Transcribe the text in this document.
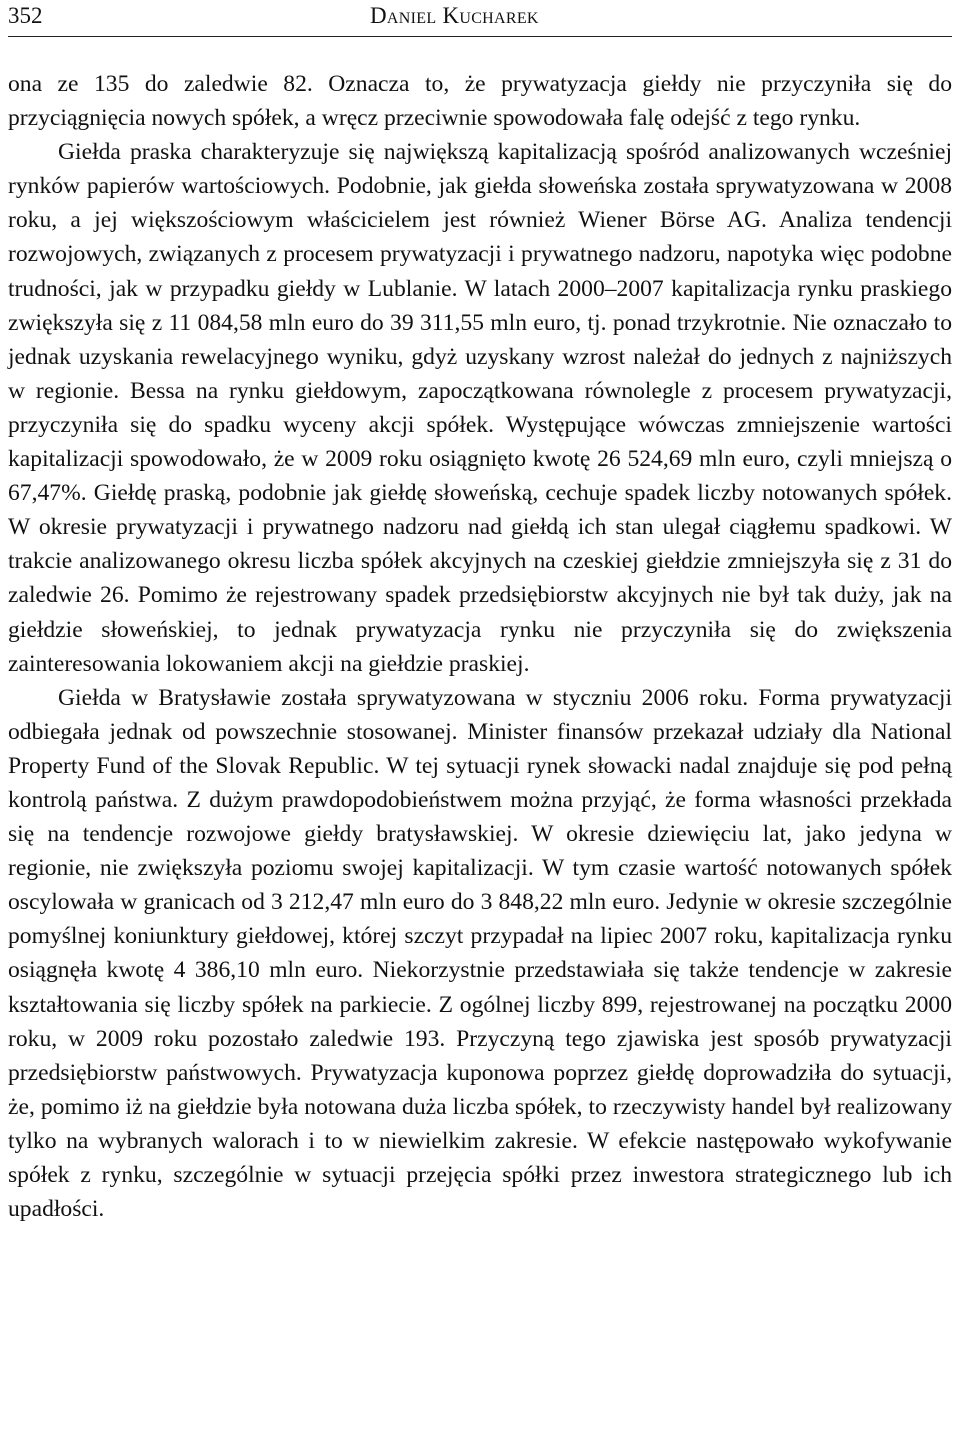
352	Daniel Kucharek

ona ze 135 do zaledwie 82. Oznacza to, że prywatyzacja giełdy nie przyczyniła się do przyciągnięcia nowych spółek, a wręcz przeciwnie spowodowała falę odejść z tego rynku.

Giełda praska charakteryzuje się największą kapitalizacją spośród analizowanych wcześniej rynków papierów wartościowych. Podobnie, jak giełda słoweńska została sprywatyzowana w 2008 roku, a jej większościowym właścicielem jest również Wiener Börse AG. Analiza tendencji rozwojowych, związanych z procesem prywatyzacji i prywatnego nadzoru, napotyka więc podobne trudności, jak w przypadku giełdy w Lublanie. W latach 2000–2007 kapitalizacja rynku praskiego zwiększyła się z 11 084,58 mln euro do 39 311,55 mln euro, tj. ponad trzykrotnie. Nie oznaczało to jednak uzyskania rewelacyjnego wyniku, gdyż uzyskany wzrost należał do jednych z najniższych w regionie. Bessa na rynku giełdowym, zapoczątkowana równolegle z procesem prywatyzacji, przyczyniła się do spadku wyceny akcji spółek. Występujące wówczas zmniejszenie wartości kapitalizacji spowodowało, że w 2009 roku osiągnięto kwotę 26 524,69 mln euro, czyli mniejszą o 67,47%. Giełdę praską, podobnie jak giełdę słoweńską, cechuje spadek liczby notowanych spółek. W okresie prywatyzacji i prywatnego nadzoru nad giełdą ich stan ulegał ciągłemu spadkowi. W trakcie analizowanego okresu liczba spółek akcyjnych na czeskiej giełdzie zmniejszyła się z 31 do zaledwie 26. Pomimo że rejestrowany spadek przedsiębiorstw akcyjnych nie był tak duży, jak na giełdzie słoweńskiej, to jednak prywatyzacja rynku nie przyczyniła się do zwiększenia zainteresowania lokowaniem akcji na giełdzie praskiej.

Giełda w Bratysławie została sprywatyzowana w styczniu 2006 roku. Forma prywatyzacji odbiegała jednak od powszechnie stosowanej. Minister finansów przekazał udziały dla National Property Fund of the Slovak Republic. W tej sytuacji rynek słowacki nadal znajduje się pod pełną kontrolą państwa. Z dużym prawdopodobieństwem można przyjąć, że forma własności przekłada się na tendencje rozwojowe giełdy bratysławskiej. W okresie dziewięciu lat, jako jedyna w regionie, nie zwiększyła poziomu swojej kapitalizacji. W tym czasie wartość notowanych spółek oscylowała w granicach od 3 212,47 mln euro do 3 848,22 mln euro. Jedynie w okresie szczególnie pomyślnej koniunktury giełdowej, której szczyt przypadał na lipiec 2007 roku, kapitalizacja rynku osiągnęła kwotę 4 386,10 mln euro. Niekorzystnie przedstawiała się także tendencje w zakresie kształtowania się liczby spółek na parkiecie. Z ogólnej liczby 899, rejestrowanej na początku 2000 roku, w 2009 roku pozostało zaledwie 193. Przyczyną tego zjawiska jest sposób prywatyzacji przedsiębiorstw państwowych. Prywatyzacja kuponowa poprzez giełdę doprowadziła do sytuacji, że, pomimo iż na giełdzie była notowana duża liczba spółek, to rzeczywisty handel był realizowany tylko na wybranych walorach i to w niewielkim zakresie. W efekcie następowało wykofywanie spółek z rynku, szczególnie w sytuacji przejęcia spółki przez inwestora strategicznego lub ich upadłości.
